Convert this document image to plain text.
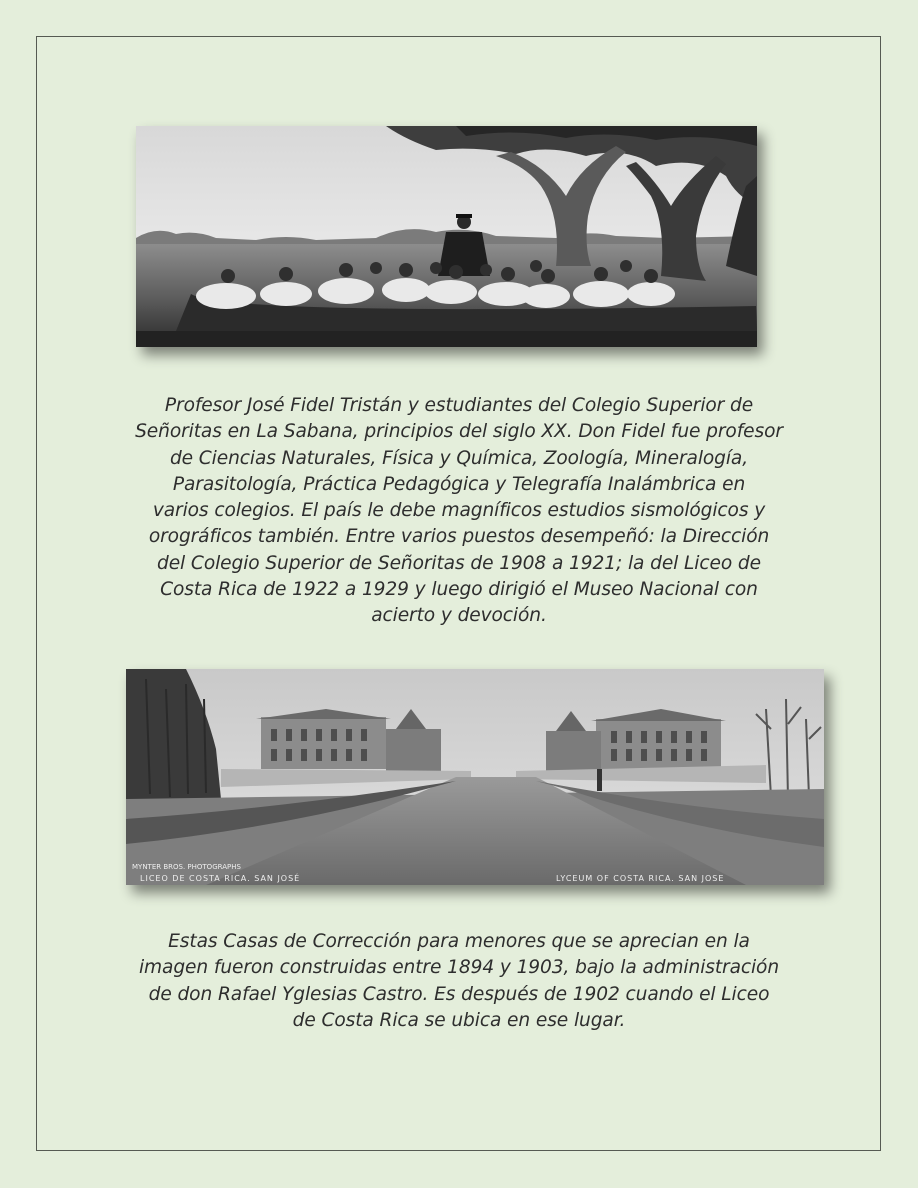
Profesor José Fidel Tristán y estudiantes del Colegio Superior de
Señoritas en La Sabana, principios del siglo XX. Don Fidel fue profesor
de Ciencias Naturales, Física y Química, Zoología, Mineralogía,
Parasitología, Práctica Pedagógica y Telegrafía Inalámbrica en
varios colegios. El país le debe magníficos estudios sismológicos y
orográficos también. Entre varios puestos desempeñó: la Dirección
del Colegio Superior de Señoritas de 1908 a 1921; la del Liceo de
Costa Rica de 1922 a 1929 y luego dirigió el Museo Nacional con
acierto y devoción.

MYNTER BROS. PHOTOGRAPHS
LICEO DE COSTA RICA. SAN JOSÉ	LYCEUM OF COSTA RICA. SAN JOSE

Estas Casas de Corrección para menores que se aprecian en la
imagen fueron construidas entre 1894 y 1903, bajo la administración
de don Rafael Yglesias Castro. Es después de 1902 cuando el Liceo
de Costa Rica se ubica en ese lugar.
